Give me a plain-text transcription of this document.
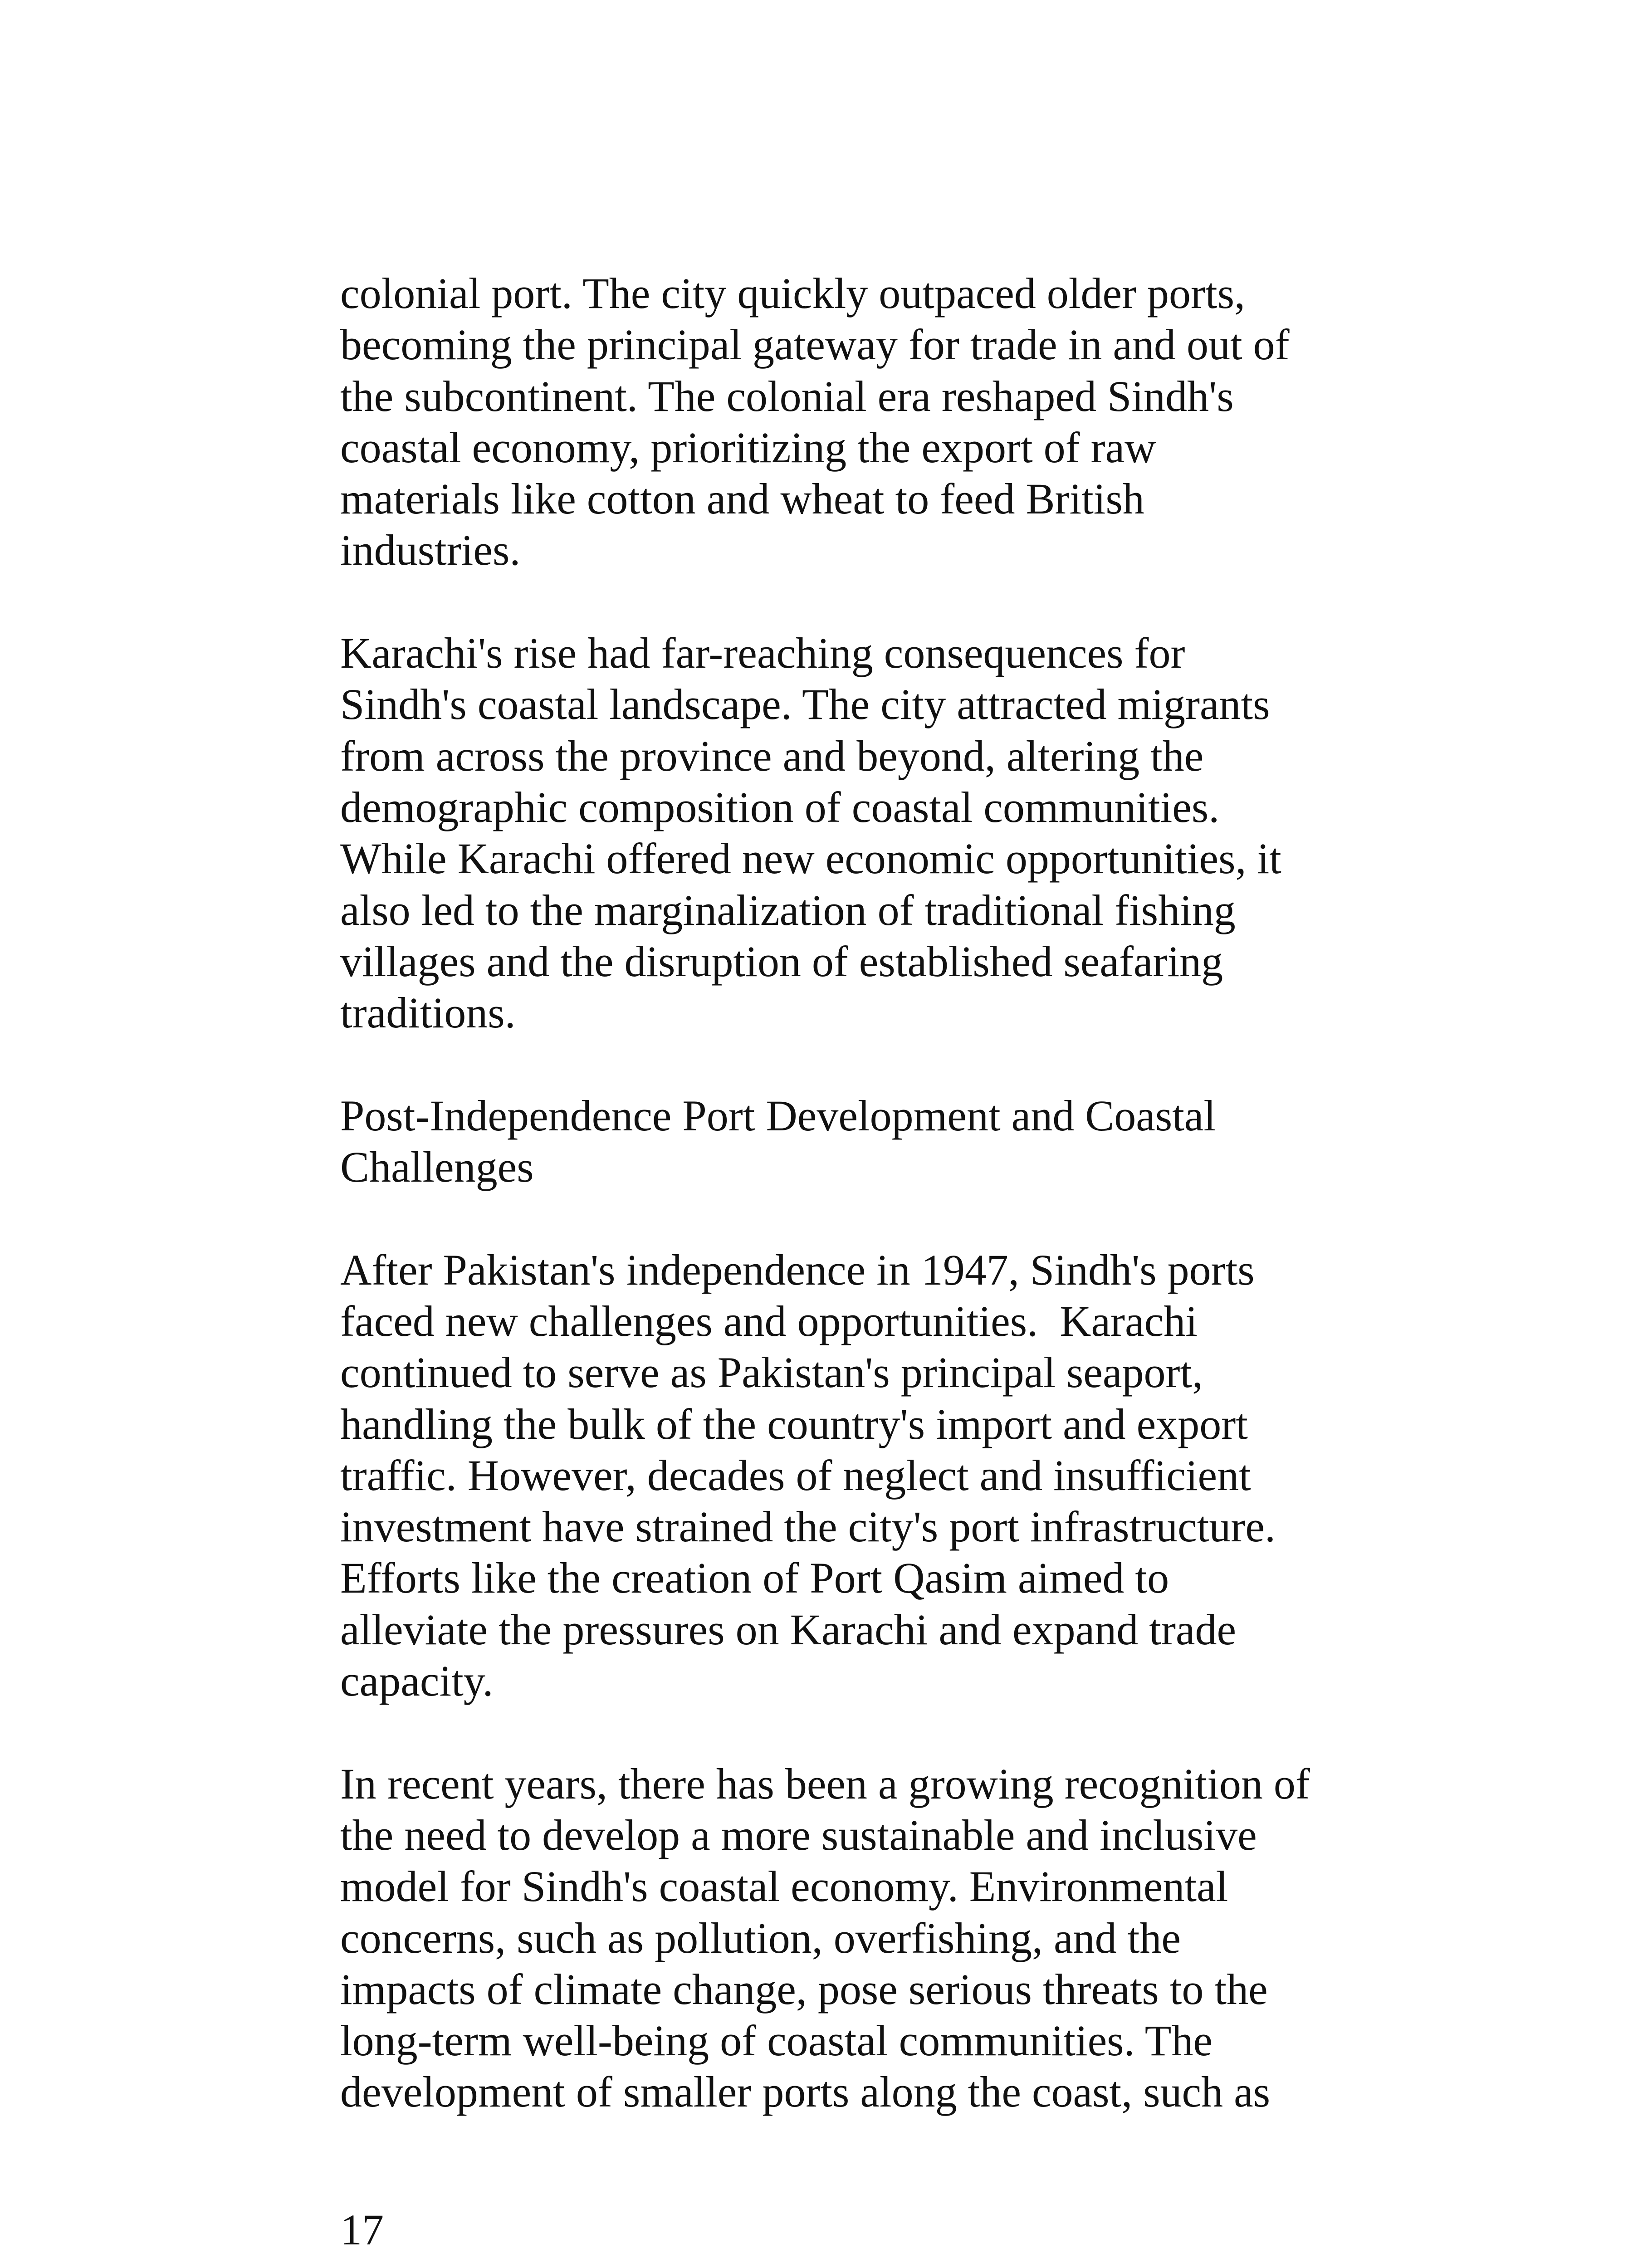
colonial port. The city quickly outpaced older ports,
becoming the principal gateway for trade in and out of
the subcontinent. The colonial era reshaped Sindh's
coastal economy, prioritizing the export of raw
materials like cotton and wheat to feed British
industries.
Karachi's rise had far-reaching consequences for
Sindh's coastal landscape. The city attracted migrants
from across the province and beyond, altering the
demographic composition of coastal communities.
While Karachi offered new economic opportunities, it
also led to the marginalization of traditional fishing
villages and the disruption of established seafaring
traditions.
Post-Independence Port Development and Coastal
Challenges
After Pakistan's independence in 1947, Sindh's ports
faced new challenges and opportunities.  Karachi
continued to serve as Pakistan's principal seaport,
handling the bulk of the country's import and export
traffic. However, decades of neglect and insufficient
investment have strained the city's port infrastructure.
Efforts like the creation of Port Qasim aimed to
alleviate the pressures on Karachi and expand trade
capacity.
In recent years, there has been a growing recognition of
the need to develop a more sustainable and inclusive
model for Sindh's coastal economy. Environmental
concerns, such as pollution, overfishing, and the
impacts of climate change, pose serious threats to the
long-term well-being of coastal communities. The
development of smaller ports along the coast, such as
17
